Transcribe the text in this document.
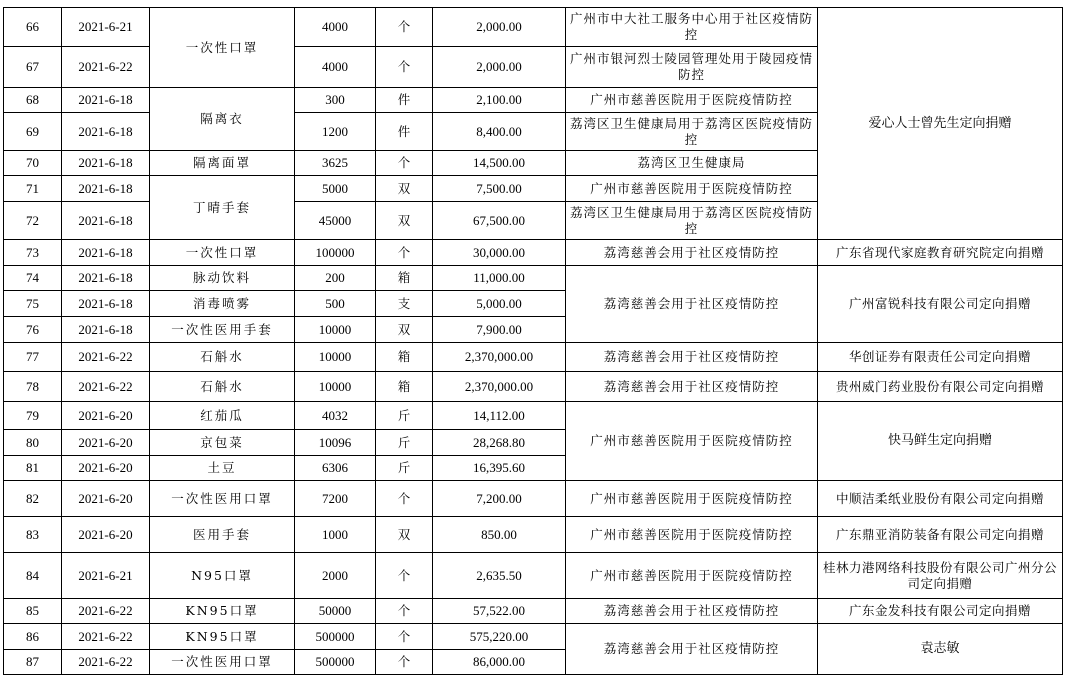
66	2021-6-21	一次性口罩	4000	个	2,000.00	广州市中大社工服务中心用于社区疫情防控	爱心人士曾先生定向捐赠
67	2021-6-22		4000	个	2,000.00	广州市银河烈士陵园管理处用于陵园疫情防控	
68	2021-6-18	隔离衣	300	件	2,100.00	广州市慈善医院用于医院疫情防控	
69	2021-6-18		1200	件	8,400.00	荔湾区卫生健康局用于荔湾区医院疫情防控	
70	2021-6-18	隔离面罩	3625	个	14,500.00	荔湾区卫生健康局	
71	2021-6-18	丁晴手套	5000	双	7,500.00	广州市慈善医院用于医院疫情防控	
72	2021-6-18		45000	双	67,500.00	荔湾区卫生健康局用于荔湾区医院疫情防控	
73	2021-6-18	一次性口罩	100000	个	30,000.00	荔湾慈善会用于社区疫情防控	广东省现代家庭教育研究院定向捐赠
74	2021-6-18	脉动饮料	200	箱	11,000.00	荔湾慈善会用于社区疫情防控	广州富锐科技有限公司定向捐赠
75	2021-6-18	消毒喷雾	500	支	5,000.00		
76	2021-6-18	一次性医用手套	10000	双	7,900.00		
77	2021-6-22	石斛水	10000	箱	2,370,000.00	荔湾慈善会用于社区疫情防控	华创证券有限责任公司定向捐赠
78	2021-6-22	石斛水	10000	箱	2,370,000.00	荔湾慈善会用于社区疫情防控	贵州威门药业股份有限公司定向捐赠
79	2021-6-20	红茄瓜	4032	斤	14,112.00	广州市慈善医院用于医院疫情防控	快马鲜生定向捐赠
80	2021-6-20	京包菜	10096	斤	28,268.80		
81	2021-6-20	土豆	6306	斤	16,395.60		
82	2021-6-20	一次性医用口罩	7200	个	7,200.00	广州市慈善医院用于医院疫情防控	中顺洁柔纸业股份有限公司定向捐赠
83	2021-6-20	医用手套	1000	双	850.00	广州市慈善医院用于医院疫情防控	广东鼎亚消防装备有限公司定向捐赠
84	2021-6-21	N95口罩	2000	个	2,635.50	广州市慈善医院用于医院疫情防控	桂林力港网络科技股份有限公司广州分公司定向捐赠
85	2021-6-22	KN95口罩	50000	个	57,522.00	荔湾慈善会用于社区疫情防控	广东金发科技有限公司定向捐赠
86	2021-6-22	KN95口罩	500000	个	575,220.00	荔湾慈善会用于社区疫情防控	袁志敏
87	2021-6-22	一次性医用口罩	500000	个	86,000.00		
